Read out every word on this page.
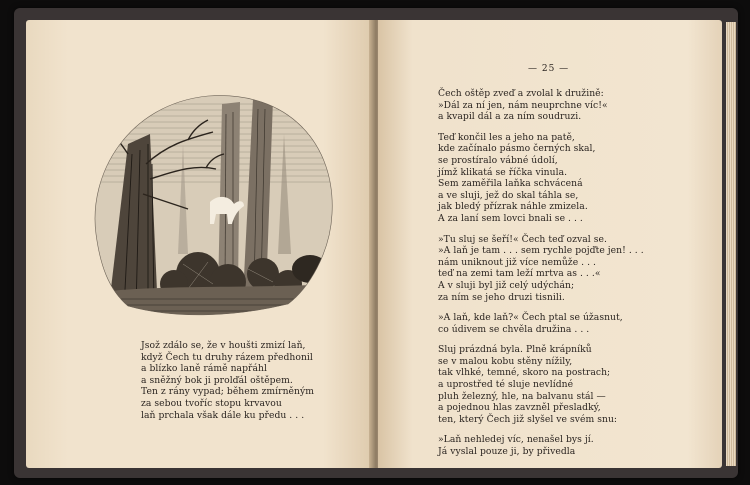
Jsož zdálo se, že v houšti zmizí laň,
když Čech tu druhy rázem předhonil
a blízko laně rámě napřáhl
a sněžný bok ji prolďál oštěpem.
Ten z rány vypad; během zmírněným
za sebou tvoříc stopu krvavou
laň prchala však dále ku předu . . .

— 25 —
Čech oštěp zveď a zvolal k družině:
»Dál za ní jen, nám neuprchne víc!«
a kvapil dál a za ním soudruzi.
Teď končil les a jeho na patě,
kde začínalo pásmo černých skal,
se prostíralo vábné údolí,
jímž klikatá se říčka vinula.
Sem zaměřila laňka schvácená
a ve sluji, jež do skal táhla se,
jak bledý přízrak náhle zmizela.
A za laní sem lovci bnali se . . .
»Tu sluj se šeří!« Čech teď ozval se.
»A laň je tam . . . sem rychle pojďte jen! . . .
nám uniknout již více nemůže . . .
teď na zemi tam leží mrtva as . . .«
A v sluji byl již celý udýchán;
za ním se jeho druzi tisnili.
»A laň, kde laň?« Čech ptal se úžasnut,
co údivem se chvěla družina . . .
Sluj prázdná byla. Plně krápníků
se v malou kobu stěny nížily,
tak vlhké, temné, skoro na postrach;
a uprostřed té sluje nevlídné
pluh železný, hle, na balvanu stál —
a pojednou hlas zavzněl přesladký,
ten, který Čech již slyšel ve svém snu:
»Laň nehledej víc, nenašel bys jí.
Já vyslal pouze ji, by přivedla
